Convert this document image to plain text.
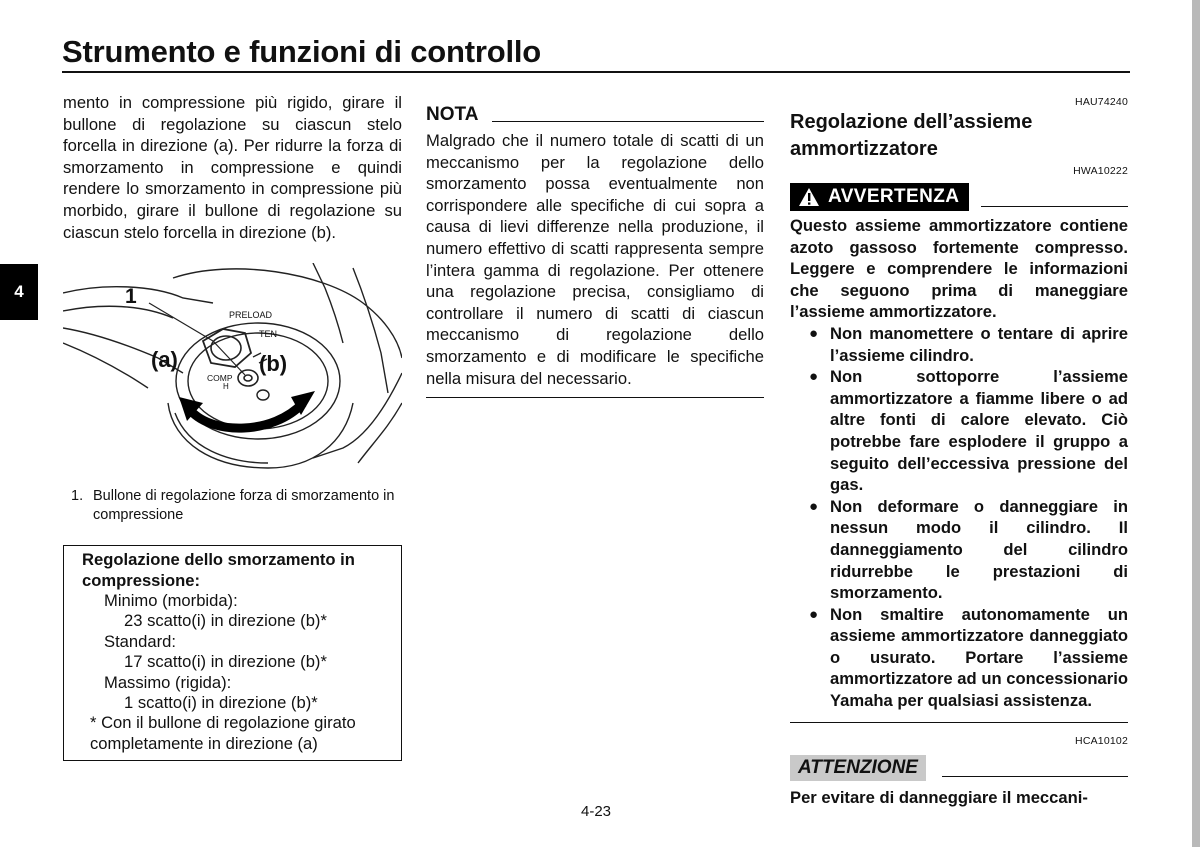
Strumento e funzioni di controllo
4

mento in compressione più rigido, girare il bullone di regolazione su ciascun stelo forcella in direzione (a). Per ridurre la forza di smorzamento in compressione e quindi rendere lo smorzamento in compressione più morbido, girare il bullone di regolazione su ciascun stelo forcella in direzione (b).

1
(a)	(b)
PRELOAD
TEN
COMP
H
1. Bullone di regolazione forza di smorzamento in compressione
Regolazione dello smorzamento in compressione:
Minimo (morbida):
23 scatto(i) in direzione (b)*
Standard:
17 scatto(i) in direzione (b)*
Massimo (rigida):
1 scatto(i) in direzione (b)*
* Con il bullone di regolazione girato completamente in direzione (a)
NOTA

Malgrado che il numero totale di scatti di un meccanismo per la regolazione dello smorzamento possa eventualmente non corrispondere alle specifiche di cui sopra a causa di lievi differenze nella produzione, il numero effettivo di scatti rappresenta sempre l’intera gamma di regolazione. Per ottenere una regolazione precisa, consigliamo di controllare il numero di scatti di ciascun meccanismo di regolazione dello smorzamento e di modificare le specifiche nella misura del necessario.

HAU74240
Regolazione dell’assieme ammortizzatore
HWA10222
AVVERTENZA

Questo assieme ammortizzatore contiene azoto gassoso fortemente compresso. Leggere e comprendere le informazioni che seguono prima di maneggiare l’assieme ammortizzatore.

● Non manomettere o tentare di aprire l’assieme cilindro.
● Non sottoporre l’assieme ammortizzatore a fiamme libere o ad altre fonti di calore elevato. Ciò potrebbe fare esplodere il gruppo a seguito dell’eccessiva pressione del gas.
● Non deformare o danneggiare in nessun modo il cilindro. Il danneggiamento del cilindro ridurrebbe le prestazioni di smorzamento.
● Non smaltire autonomamente un assieme ammortizzatore danneggiato o usurato. Portare l’assieme ammortizzatore ad un concessionario Yamaha per qualsiasi assistenza.
HCA10102
ATTENZIONE

Per evitare di danneggiare il meccani-

4-23
